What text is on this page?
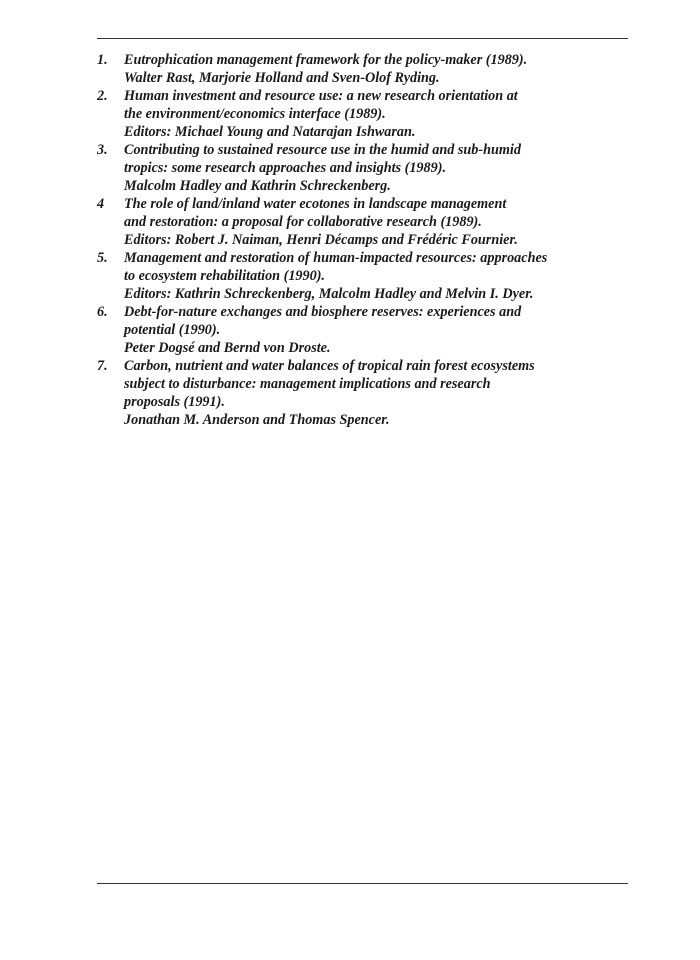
1. Eutrophication management framework for the policy-maker (1989).
Walter Rast, Marjorie Holland and Sven-Olof Ryding.
2. Human investment and resource use: a new research orientation at
the environment/economics interface (1989).
Editors: Michael Young and Natarajan Ishwaran.
3. Contributing to sustained resource use in the humid and sub-humid
tropics: some research approaches and insights (1989).
Malcolm Hadley and Kathrin Schreckenberg.
4 The role of land/inland water ecotones in landscape management
and restoration: a proposal for collaborative research (1989).
Editors: Robert J. Naiman, Henri Décamps and Frédéric Fournier.
5. Management and restoration of human-impacted resources: approaches
to ecosystem rehabilitation (1990).
Editors: Kathrin Schreckenberg, Malcolm Hadley and Melvin I. Dyer.
6. Debt-for-nature exchanges and biosphere reserves: experiences and
potential (1990).
Peter Dogsé and Bernd von Droste.
7. Carbon, nutrient and water balances of tropical rain forest ecosystems
subject to disturbance: management implications and research
proposals (1991).
Jonathan M. Anderson and Thomas Spencer.
